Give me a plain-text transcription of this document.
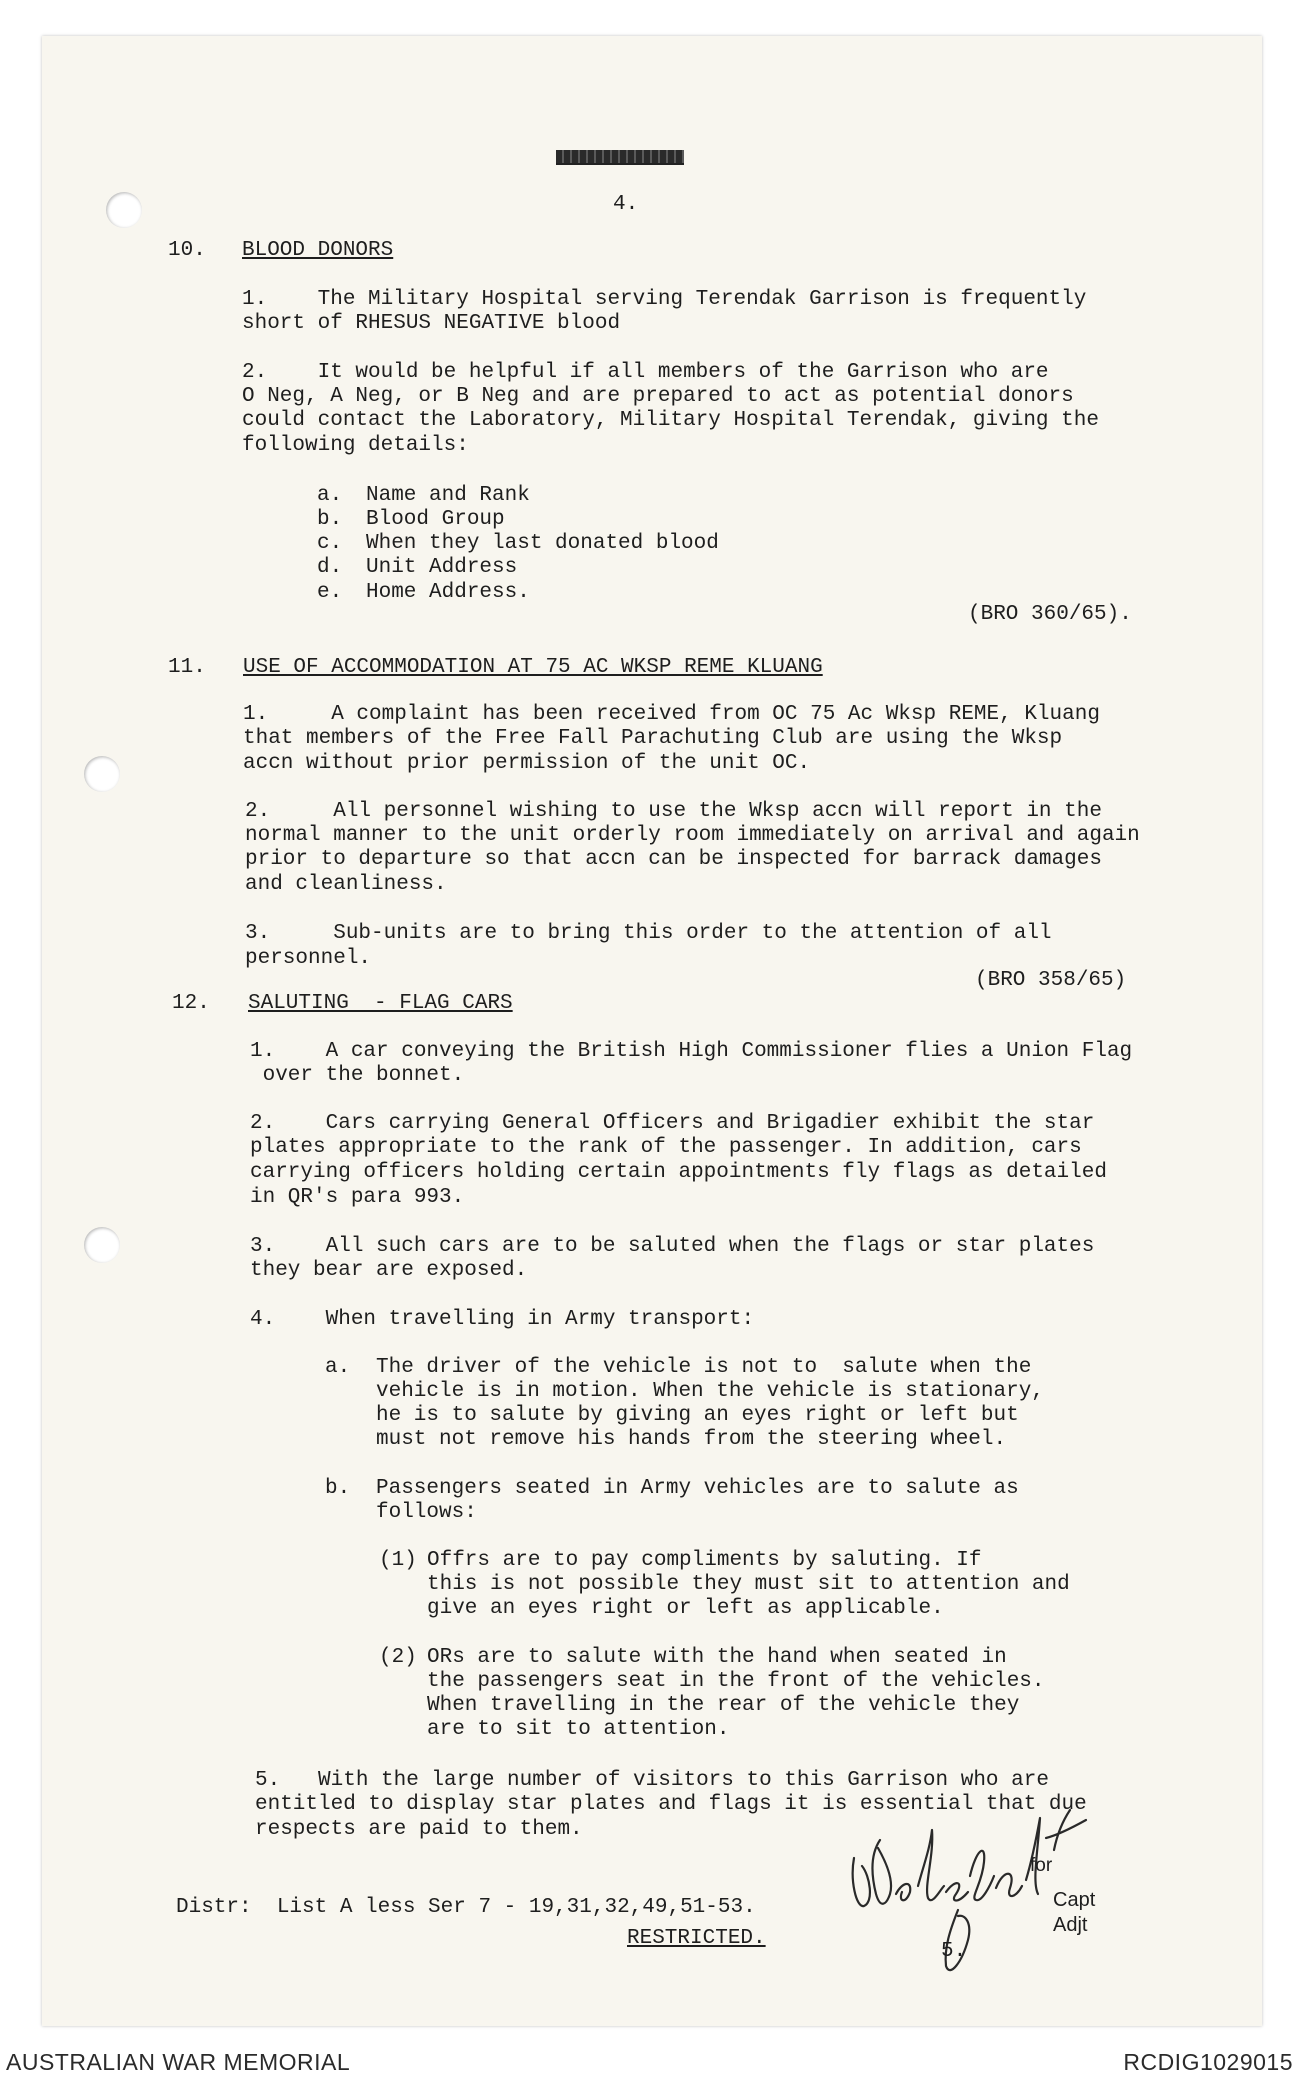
4.
10. BLOOD DONORS
1.    The Military Hospital serving Terendak Garrison is frequently
short of RHESUS NEGATIVE blood
2.    It would be helpful if all members of the Garrison who are
O Neg, A Neg, or B Neg and are prepared to act as potential donors
could contact the Laboratory, Military Hospital Terendak, giving the
following details:
a. Name and Rank
b. Blood Group
c. When they last donated blood
d. Unit Address
e. Home Address.
(BRO 360/65).
11. USE OF ACCOMMODATION AT 75 AC WKSP REME KLUANG
1.     A complaint has been received from OC 75 Ac Wksp REME, Kluang
that members of the Free Fall Parachuting Club are using the Wksp
accn without prior permission of the unit OC.
2.     All personnel wishing to use the Wksp accn will report in the
normal manner to the unit orderly room immediately on arrival and again
prior to departure so that accn can be inspected for barrack damages
and cleanliness.
3.     Sub-units are to bring this order to the attention of all
personnel.
(BRO 358/65)
12. SALUTING  - FLAG CARS
1.    A car conveying the British High Commissioner flies a Union Flag
over the bonnet.
2.    Cars carrying General Officers and Brigadier exhibit the star
plates appropriate to the rank of the passenger. In addition, cars
carrying officers holding certain appointments fly flags as detailed
in QR's para 993.
3.    All such cars are to be saluted when the flags or star plates
they bear are exposed.
4.    When travelling in Army transport:
a. The driver of the vehicle is not to  salute when the
vehicle is in motion. When the vehicle is stationary,
he is to salute by giving an eyes right or left but
must not remove his hands from the steering wheel.
b. Passengers seated in Army vehicles are to salute as
follows:
(1) Offrs are to pay compliments by saluting. If
this is not possible they must sit to attention and
give an eyes right or left as applicable.
(2) ORs are to salute with the hand when seated in
the passengers seat in the front of the vehicles.
When travelling in the rear of the vehicle they
are to sit to attention.
5.   With the large number of visitors to this Garrison who are
entitled to display star plates and flags it is essential that due
respects are paid to them.
Distr:  List A less Ser 7 - 19,31,32,49,51-53.
RESTRICTED.
for
Capt
Adjt
5.
AUSTRALIAN WAR MEMORIAL	RCDIG1029015
